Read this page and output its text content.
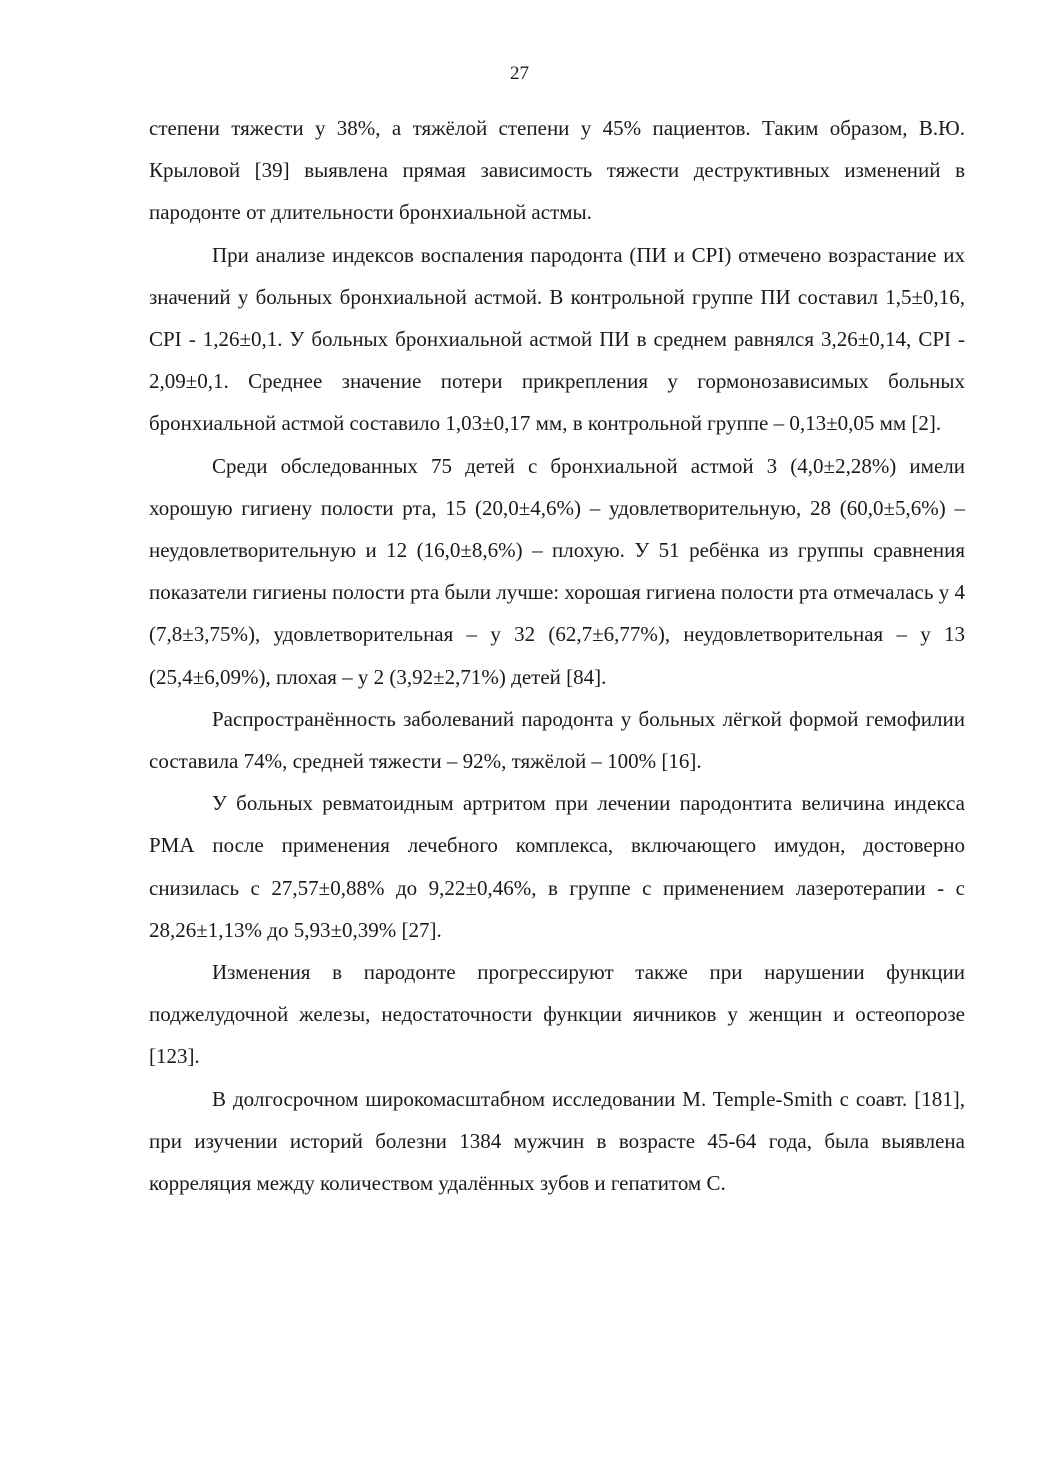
27

степени тяжести у 38%, а тяжёлой степени у 45% пациентов. Таким образом, В.Ю. Крыловой [39] выявлена прямая зависимость тяжести деструктивных изменений в пародонте от длительности бронхиальной астмы.

При анализе индексов воспаления пародонта (ПИ и CPI) отмечено возрастание их значений у больных бронхиальной астмой. В контрольной группе ПИ составил 1,5±0,16, CPI - 1,26±0,1. У больных бронхиальной астмой ПИ в среднем равнялся 3,26±0,14, CPI - 2,09±0,1. Среднее значение потери прикрепления у гормонозависимых больных бронхиальной астмой составило 1,03±0,17 мм, в контрольной группе – 0,13±0,05 мм [2].

Среди обследованных 75 детей с бронхиальной астмой 3 (4,0±2,28%) имели хорошую гигиену полости рта, 15 (20,0±4,6%) – удовлетворительную, 28 (60,0±5,6%) – неудовлетворительную и 12 (16,0±8,6%) – плохую. У 51 ребёнка из группы сравнения показатели гигиены полости рта были лучше: хорошая гигиена полости рта отмечалась у 4 (7,8±3,75%), удовлетворительная – у 32 (62,7±6,77%), неудовлетворительная – у 13 (25,4±6,09%), плохая – у 2 (3,92±2,71%) детей [84].

Распространённость заболеваний пародонта у больных лёгкой формой гемофилии составила 74%, средней тяжести – 92%, тяжёлой – 100% [16].

У больных ревматоидным артритом при лечении пародонтита величина индекса РМА после применения лечебного комплекса, включающего имудон, достоверно снизилась с 27,57±0,88% до 9,22±0,46%, в группе с применением лазеротерапии - с 28,26±1,13% до 5,93±0,39% [27].

Изменения в пародонте прогрессируют также при нарушении функции поджелудочной железы, недостаточности функции яичников у женщин и остеопорозе [123].

В долгосрочном широкомасштабном исследовании M. Temple-Smith с соавт. [181], при изучении историй болезни 1384 мужчин в возрасте 45-64 года, была выявлена корреляция между количеством удалённых зубов и гепатитом С.
